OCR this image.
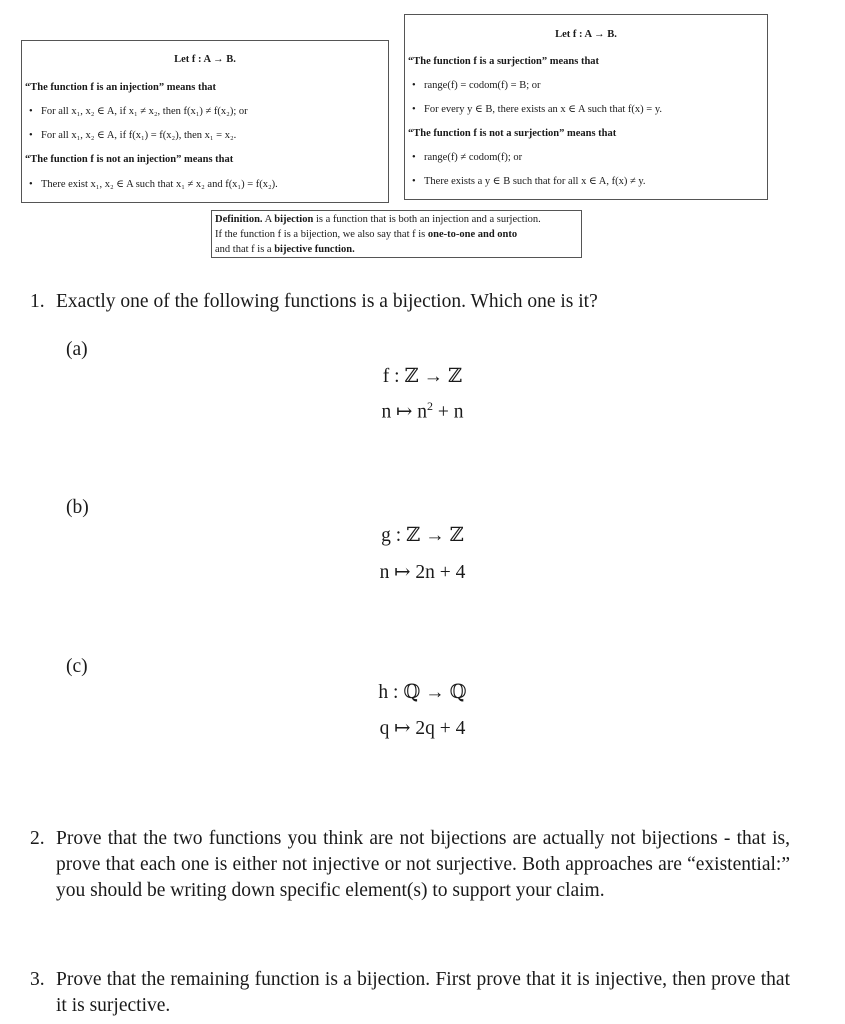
Let f : A → B.
“The function f is an injection” means that
• For all x₁, x₂ ∈ A, if x₁ ≠ x₂, then f(x₁) ≠ f(x₂); or
• For all x₁, x₂ ∈ A, if f(x₁) = f(x₂), then x₁ = x₂.
“The function f is not an injection” means that
• There exist x₁, x₂ ∈ A such that x₁ ≠ x₂ and f(x₁) = f(x₂).
Let f : A → B.
“The function f is a surjection” means that
• range(f) = codom(f) = B; or
• For every y ∈ B, there exists an x ∈ A such that f(x) = y.
“The function f is not a surjection” means that
• range(f) ≠ codom(f); or
• There exists a y ∈ B such that for all x ∈ A, f(x) ≠ y.
Definition. A bijection is a function that is both an injection and a surjection.
If the function f is a bijection, we also say that f is one-to-one and onto
and that f is a bijective function.
1. Exactly one of the following functions is a bijection. Which one is it?
(a)
f : ℤ → ℤ
n ↦ $n^2 + n$
(b)
g : ℤ → ℤ
n ↦ 2n + 4
(c)
h : ℚ → ℚ
q ↦ 2q + 4
2. Prove that the two functions you think are not bijections are actually not bijections - that is, prove that each one is either not injective or not surjective. Both approaches are “existential:” you should be writing down specific element(s) to support your claim.
3. Prove that the remaining function is a bijection. First prove that it is injective, then prove that it is surjective.
